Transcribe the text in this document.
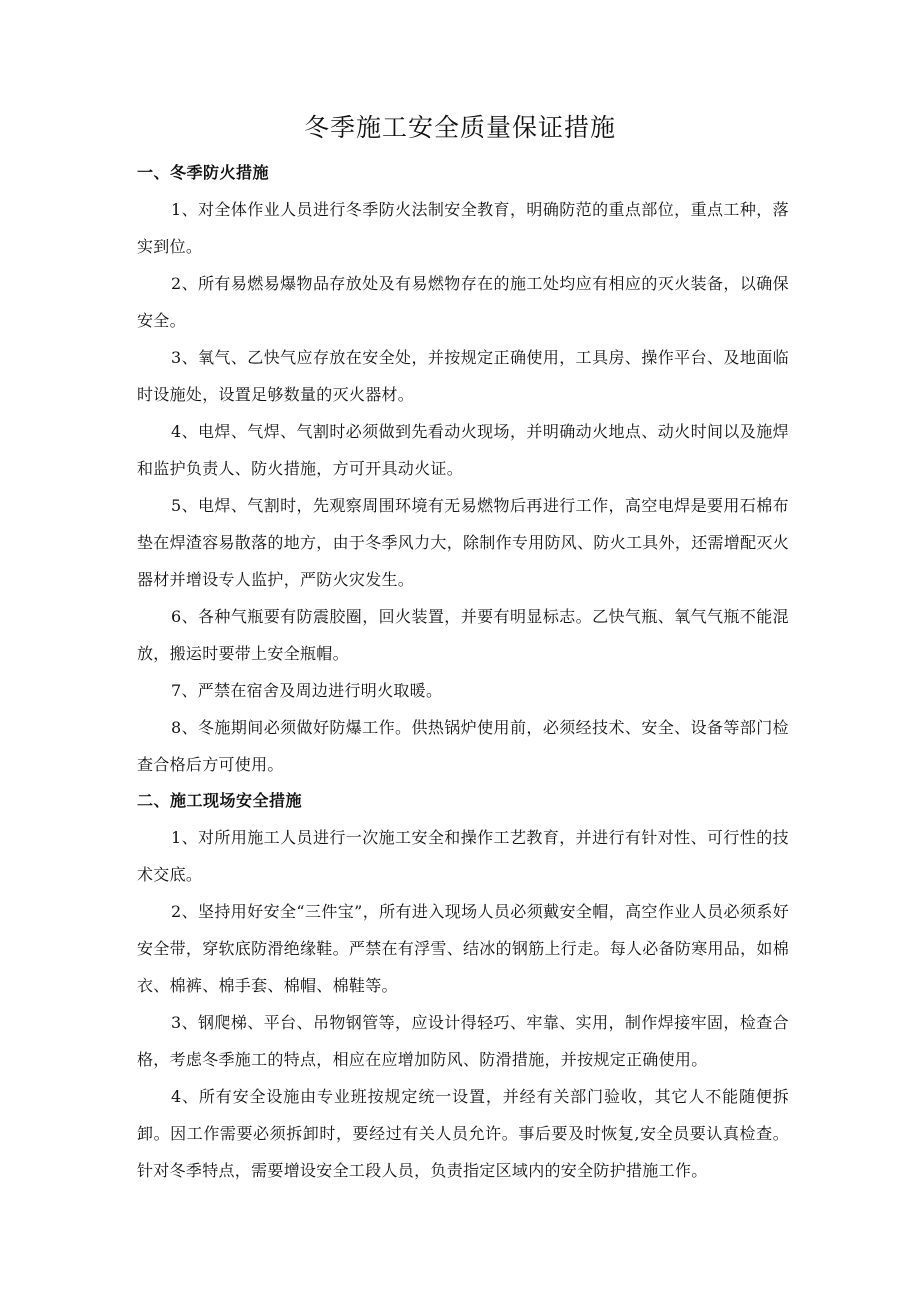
冬季施工安全质量保证措施
一、冬季防火措施

1、对全体作业人员进行冬季防火法制安全教育，明确防范的重点部位，重点工种，落实到位。

2、所有易燃易爆物品存放处及有易燃物存在的施工处均应有相应的灭火装备，以确保安全。

3、氧气、乙快气应存放在安全处，并按规定正确使用，工具房、操作平台、及地面临时设施处，设置足够数量的灭火器材。

4、电焊、气焊、气割时必须做到先看动火现场，并明确动火地点、动火时间以及施焊和监护负责人、防火措施，方可开具动火证。

5、电焊、气割时，先观察周围环境有无易燃物后再进行工作，高空电焊是要用石棉布垫在焊渣容易散落的地方，由于冬季风力大，除制作专用防风、防火工具外，还需增配灭火器材并增设专人监护，严防火灾发生。

6、各种气瓶要有防震胶圈，回火装置，并要有明显标志。乙快气瓶、氧气气瓶不能混放，搬运时要带上安全瓶帽。

7、严禁在宿舍及周边进行明火取暖。

8、冬施期间必须做好防爆工作。供热锅炉使用前，必须经技术、安全、设备等部门检查合格后方可使用。

二、施工现场安全措施

1、对所用施工人员进行一次施工安全和操作工艺教育，并进行有针对性、可行性的技术交底。

2、坚持用好安全“三件宝”，所有进入现场人员必须戴安全帽，高空作业人员必须系好安全带，穿软底防滑绝缘鞋。严禁在有浮雪、结冰的钢筋上行走。每人必备防寒用品，如棉衣、棉裤、棉手套、棉帽、棉鞋等。

3、钢爬梯、平台、吊物钢管等，应设计得轻巧、牢靠、实用，制作焊接牢固，检查合格，考虑冬季施工的特点，相应在应增加防风、防滑措施，并按规定正确使用。

4、所有安全设施由专业班按规定统一设置，并经有关部门验收，其它人不能随便拆卸。因工作需要必须拆卸时，要经过有关人员允许。事后要及时恢复,安全员要认真检查。针对冬季特点，需要增设安全工段人员，负责指定区域内的安全防护措施工作。
